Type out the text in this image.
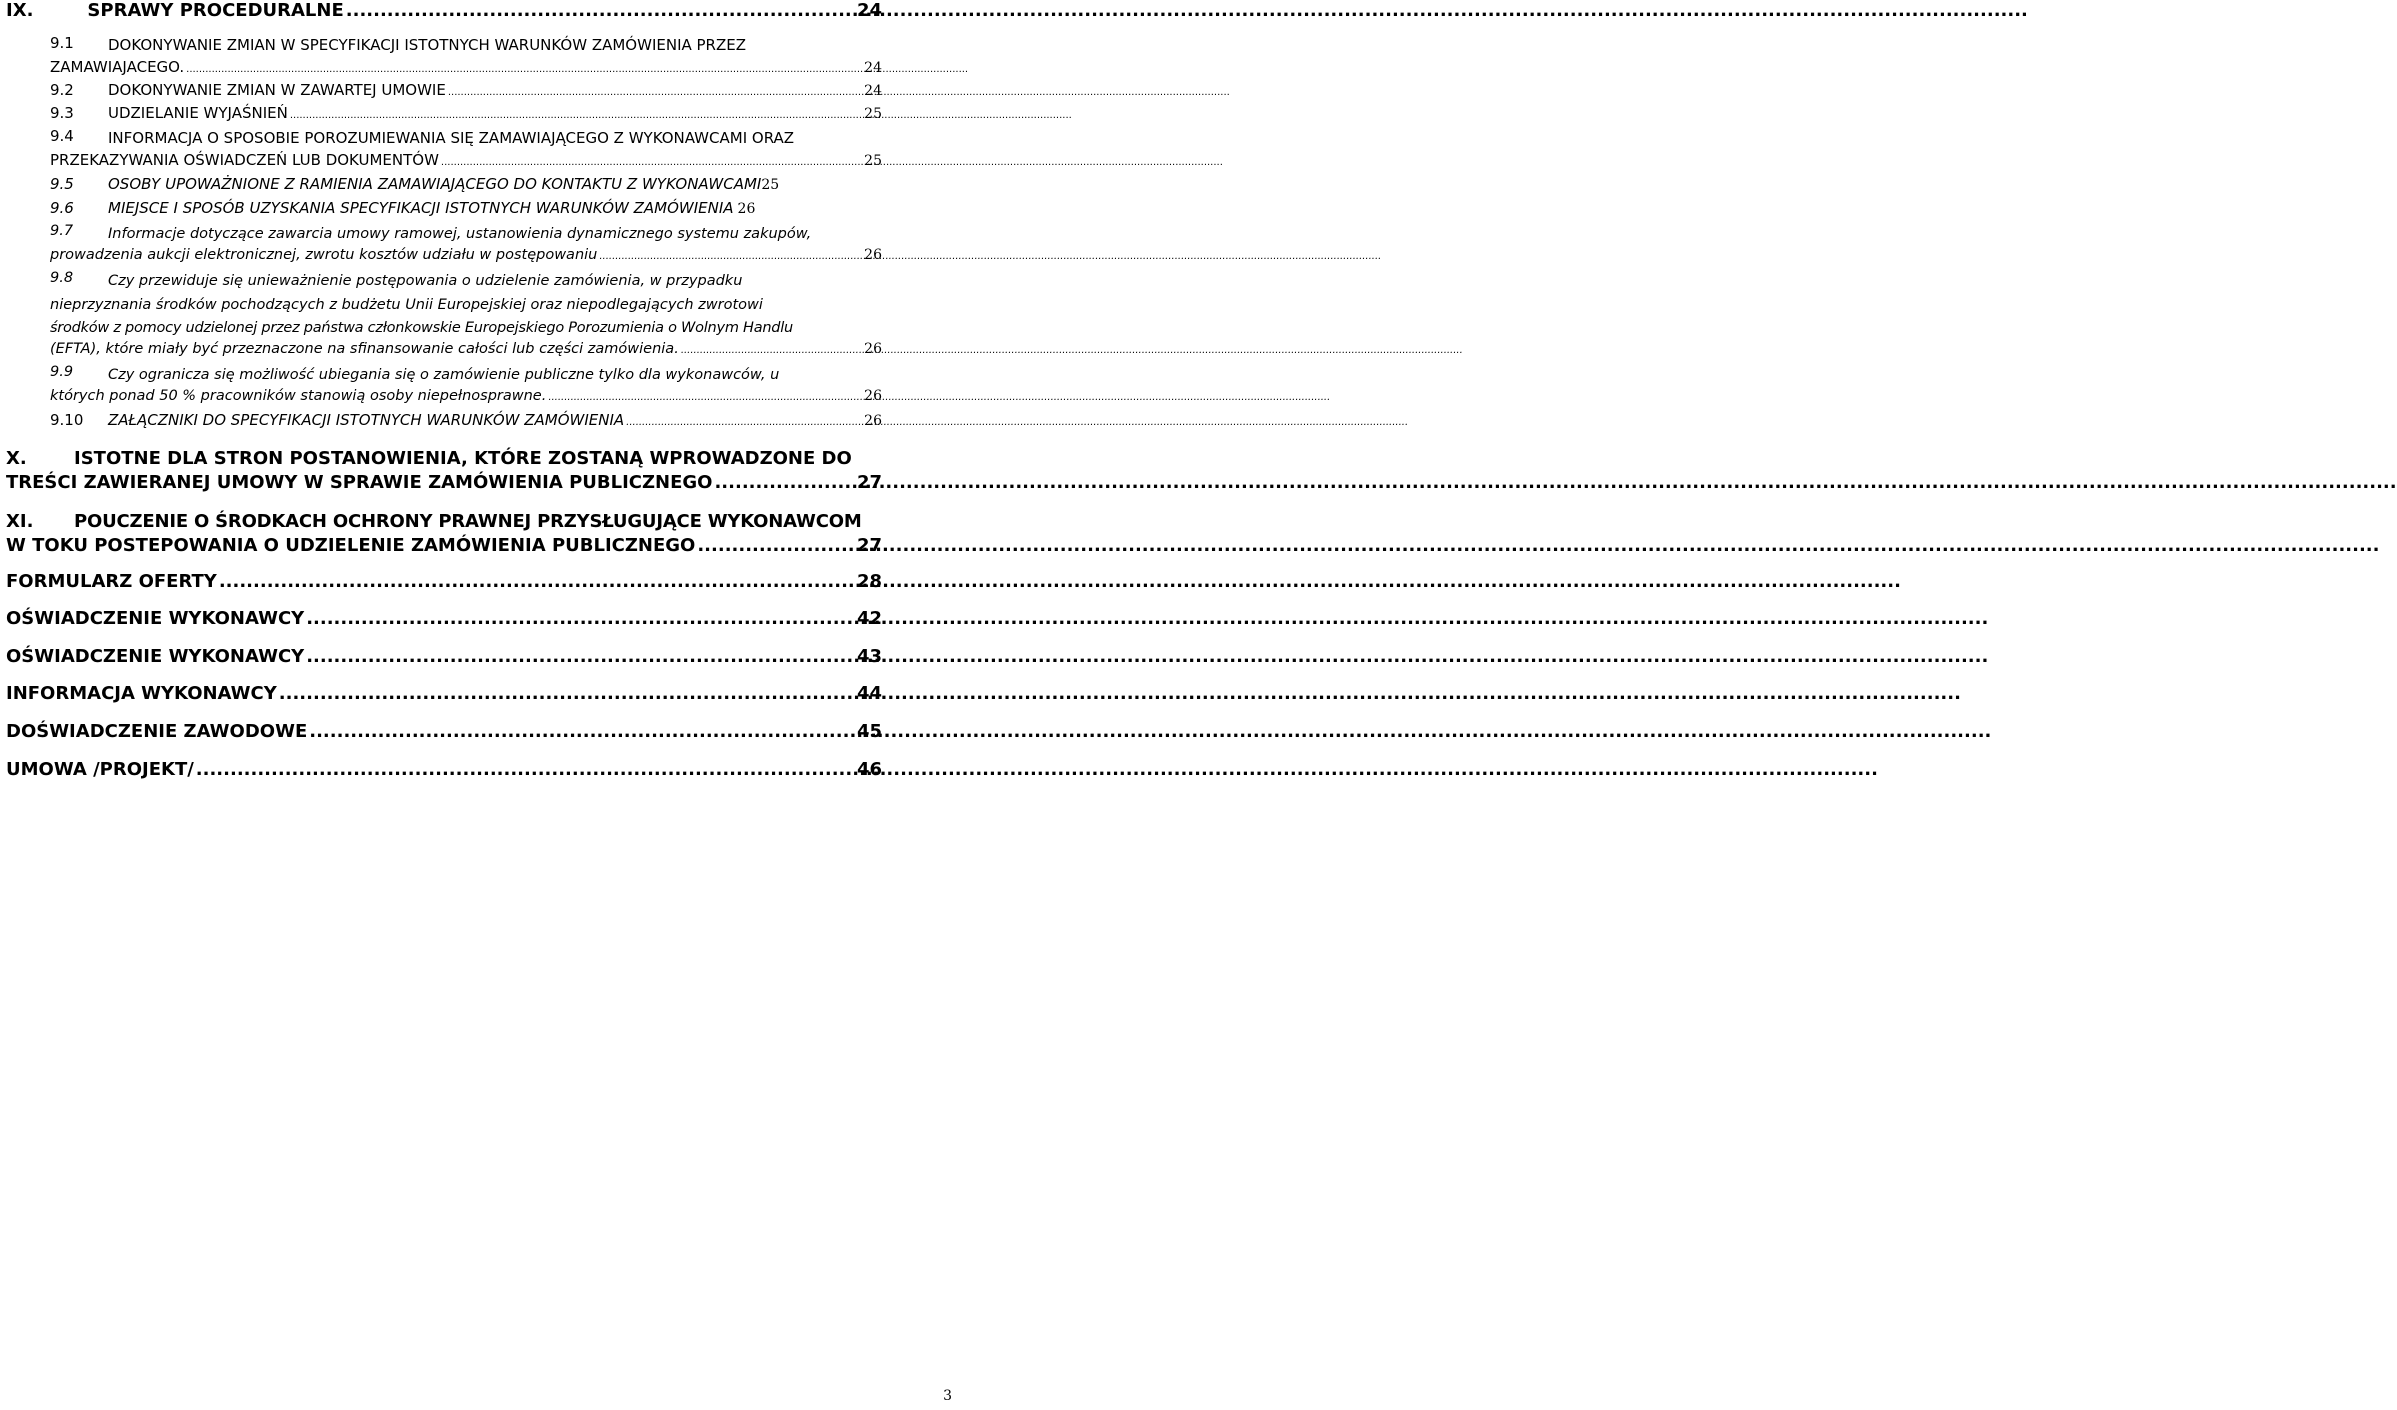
IX.	SPRAWY PROCEDURALNE .....	24
9.1	DOKONYWANIE ZMIAN W SPECYFIKACJI ISTOTNYCH WARUNKÓW ZAMÓWIENIA PRZEZ
ZAMAWIAJACEGO. .....	24
9.2	DOKONYWANIE ZMIAN W ZAWARTEJ UMOWIE .....	24
9.3	UDZIELANIE WYJAŚNIEŃ .....	25
9.4	INFORMACJA O SPOSOBIE POROZUMIEWANIA SIĘ ZAMAWIAJĄCEGO Z WYKONAWCAMI ORAZ
PRZEKAZYWANIA OŚWIADCZEŃ LUB DOKUMENTÓW .....	25
9.5	OSOBY UPOWAŻNIONE Z RAMIENIA ZAMAWIAJĄCEGO DO KONTAKTU Z WYKONAWCAMI 25
9.6	MIEJSCE I SPOSÓB UZYSKANIA SPECYFIKACJI ISTOTNYCH WARUNKÓW ZAMÓWIENIA 26
9.7	Informacje dotyczące zawarcia umowy ramowej, ustanowienia dynamicznego systemu zakupów,
prowadzenia aukcji elektronicznej, zwrotu kosztów udziału w postępowaniu .....	26
9.8	Czy przewiduje się unieważnienie postępowania o udzielenie zamówienia, w przypadku
nieprzyznania środków pochodzących z budżetu Unii Europejskiej oraz niepodlegających zwrotowi
środków z pomocy udzielonej przez państwa członkowskie Europejskiego Porozumienia o Wolnym Handlu
(EFTA), które miały być przeznaczone na sfinansowanie całości lub części zamówienia. .....	26
9.9	Czy ogranicza się możliwość ubiegania się o zamówienie publiczne tylko dla wykonawców, u
których ponad 50 % pracowników stanowią osoby niepełnosprawne. .....	26
9.10	ZAŁĄCZNIKI DO SPECYFIKACJI ISTOTNYCH WARUNKÓW ZAMÓWIENIA .....	26
X.	ISTOTNE DLA STRON POSTANOWIENIA, KTÓRE ZOSTANĄ WPROWADZONE DO
TREŚCI ZAWIERANEJ UMOWY W SPRAWIE ZAMÓWIENIA PUBLICZNEGO .....	27
XI.	POUCZENIE O ŚRODKACH OCHRONY PRAWNEJ PRZYSŁUGUJĄCE WYKONAWCOM
W TOKU POSTEPOWANIA O UDZIELENIE ZAMÓWIENIA PUBLICZNEGO .....	27
FORMULARZ OFERTY .....	28
OŚWIADCZENIE WYKONAWCY .....	42
OŚWIADCZENIE WYKONAWCY .....	43
INFORMACJA WYKONAWCY .....	44
DOŚWIADCZENIE ZAWODOWE .....	45
UMOWA /PROJEKT/ .....	46
3
